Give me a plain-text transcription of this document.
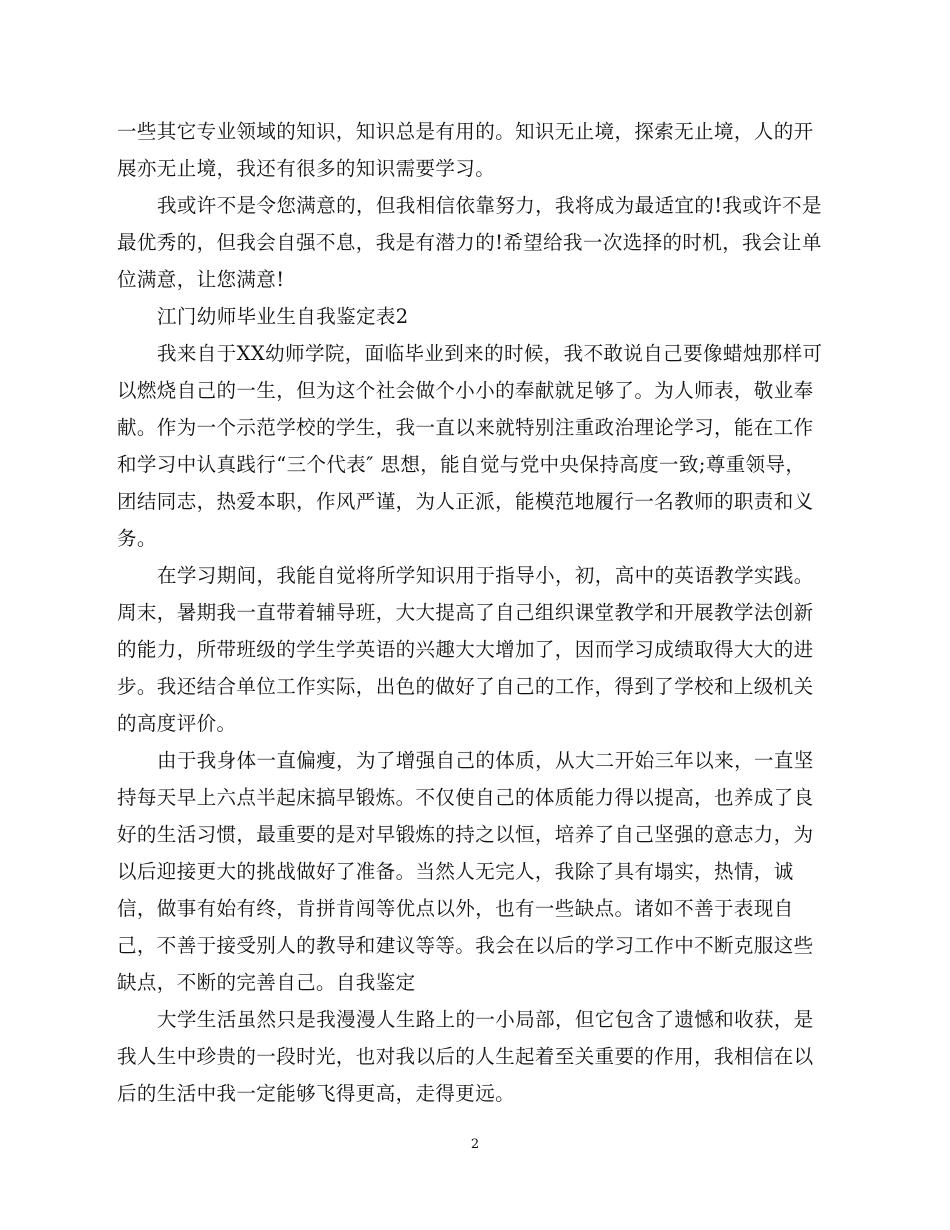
一些其它专业领域的知识，知识总是有用的。知识无止境，探索无止境，人的开
展亦无止境，我还有很多的知识需要学习。
我或许不是令您满意的，但我相信依靠努力，我将成为最适宜的!我或许不是
最优秀的，但我会自强不息，我是有潜力的!希望给我一次选择的时机，我会让单
位满意，让您满意!
江门幼师毕业生自我鉴定表2
我来自于XX幼师学院，面临毕业到来的时候，我不敢说自己要像蜡烛那样可
以燃烧自己的一生，但为这个社会做个小小的奉献就足够了。为人师表，敬业奉
献。作为一个示范学校的学生，我一直以来就特别注重政治理论学习，能在工作
和学习中认真践行“三个代表″ 思想，能自觉与党中央保持高度一致;尊重领导，
团结同志，热爱本职，作风严谨，为人正派，能模范地履行一名教师的职责和义
务。
在学习期间，我能自觉将所学知识用于指导小，初，高中的英语教学实践。
周末，暑期我一直带着辅导班，大大提高了自己组织课堂教学和开展教学法创新
的能力，所带班级的学生学英语的兴趣大大增加了，因而学习成绩取得大大的进
步。我还结合单位工作实际，出色的做好了自己的工作，得到了学校和上级机关
的高度评价。
由于我身体一直偏瘦，为了增强自己的体质，从大二开始三年以来，一直坚
持每天早上六点半起床搞早锻炼。不仅使自己的体质能力得以提高，也养成了良
好的生活习惯，最重要的是对早锻炼的持之以恒，培养了自己坚强的意志力，为
以后迎接更大的挑战做好了准备。当然人无完人，我除了具有塌实，热情，诚
信，做事有始有终，肯拼肯闯等优点以外，也有一些缺点。诸如不善于表现自
己，不善于接受别人的教导和建议等等。我会在以后的学习工作中不断克服这些
缺点，不断的完善自己。自我鉴定
大学生活虽然只是我漫漫人生路上的一小局部，但它包含了遗憾和收获，是
我人生中珍贵的一段时光，也对我以后的人生起着至关重要的作用，我相信在以
后的生活中我一定能够飞得更高，走得更远。
2
